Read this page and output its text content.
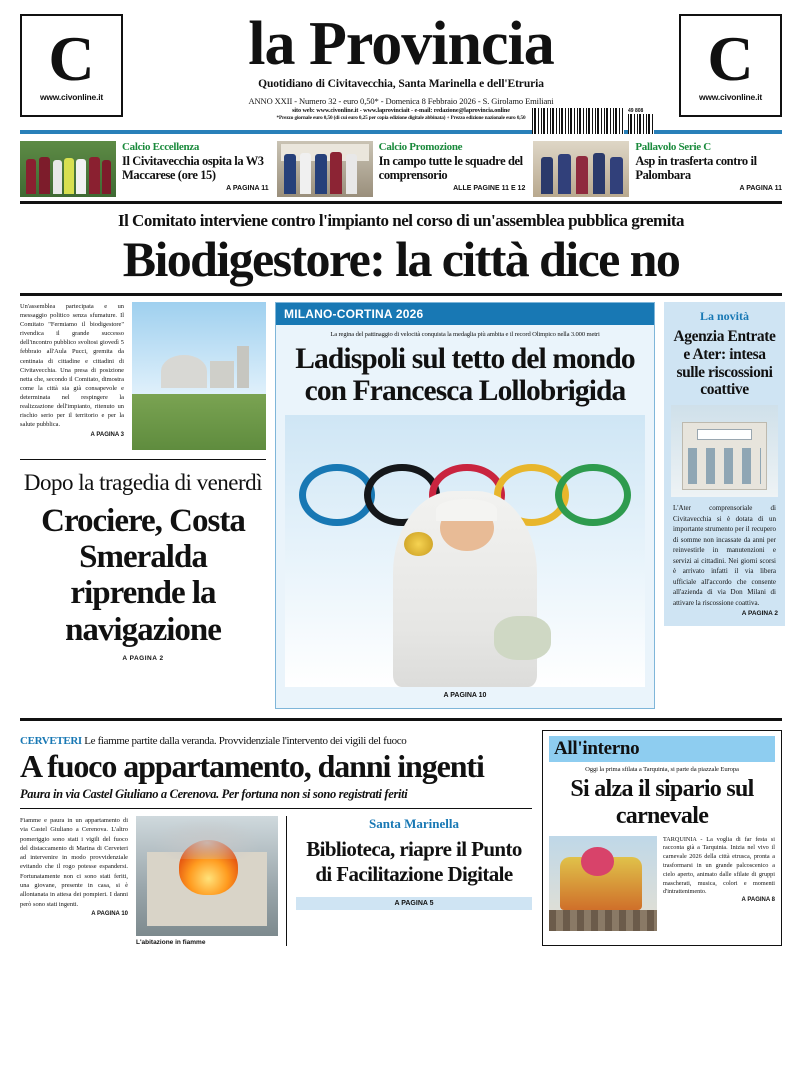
C
www.civonline.it
la Provincia
Quotidiano di Civitavecchia, Santa Marinella e dell'Etruria
ANNO XXII - Numero 32 - euro 0,50* - Domenica 8 Febbraio 2026 - S. Girolamo Emiliani
sito web: www.civonline.it - www.laprovinciait - e-mail: redazione@laprovincia.online
*Prezzo giornale euro 0,50 (di cui euro 0,25 per copia edizione digitale abbinata) + Prezzo edizione nazionale euro 0,50
C
www.civonline.it
49 808
Calcio Eccellenza
Il Civitavecchia ospita la W3 Maccarese (ore 15)
A PAGINA 11
Calcio Promozione
In campo tutte le squadre del comprensorio
ALLE PAGINE 11 E 12
Pallavolo Serie C
Asp in trasferta contro il Palombara
A PAGINA 11
Il Comitato interviene contro l'impianto nel corso di un'assemblea pubblica gremita
Biodigestore: la città dice no
Un'assemblea partecipata e un messaggio politico senza sfumature. Il Comitato "Fermiamo il biodigestore" rivendica il grande successo dell'incontro pubblico svoltosi giovedì 5 febbraio all'Aula Pucci, gremita da centinaia di cittadine e cittadini di Civitavecchia. Una presa di posizione netta che, secondo il Comitato, dimostra come la città sia già consapevole e determinata nel respingere la realizzazione dell'impianto, ritenuto un rischio serio per il territorio e per la salute pubblica.
A PAGINA 3
Dopo la tragedia di venerdì
Crociere, Costa Smeralda riprende la navigazione
A PAGINA 2
MILANO-CORTINA 2026
La regina del pattinaggio di velocità conquista la medaglia più ambita e il record Olimpico nella 3.000 metri
Ladispoli sul tetto del mondo con Francesca Lollobrigida
A PAGINA 10
La novità
Agenzia Entrate e Ater: intesa sulle riscossioni coattive
L'Ater comprensoriale di Civitavecchia si è dotata di un importante strumento per il recupero di somme non incassate da anni per reinvestirle in manutenzioni e servizi ai cittadini. Nei giorni scorsi è arrivato infatti il via libera ufficiale all'accordo che consente all'azienda di via Don Milani di attivare la riscossione coattiva.
A PAGINA 2
CERVETERI Le fiamme partite dalla veranda. Provvidenziale l'intervento dei vigili del fuoco
A fuoco appartamento, danni ingenti
Paura in via Castel Giuliano a Cerenova. Per fortuna non si sono registrati feriti
Fiamme e paura in un appartamento di via Castel Giuliano a Cerenova. L'altro pomeriggio sono stati i vigili del fuoco del distaccamento di Marina di Cerveteri ad intervenire in modo provvidenziale evitando che il rogo potesse espandersi. Fortunatamente non ci sono stati feriti, una giovane, presente in casa, si è allontanata in attesa dei pompieri. I danni però sono stati ingenti.
A PAGINA 10
L'abitazione in fiamme
Santa Marinella
Biblioteca, riapre il Punto di Facilitazione Digitale
A PAGINA 5
All'interno
Oggi la prima sfilata a Tarquinia, si parte da piazzale Europa
Si alza il sipario sul carnevale
TARQUINIA - La voglia di far festa si racconta già a Tarquinia. Inizia nel vivo il carnevale 2026 della città etrusca, pronta a trasformarsi in un grande palcoscenico a cielo aperto, animato dalle sfilate di gruppi mascherati, musica, colori e momenti d'intrattenimento.
A PAGINA 8
